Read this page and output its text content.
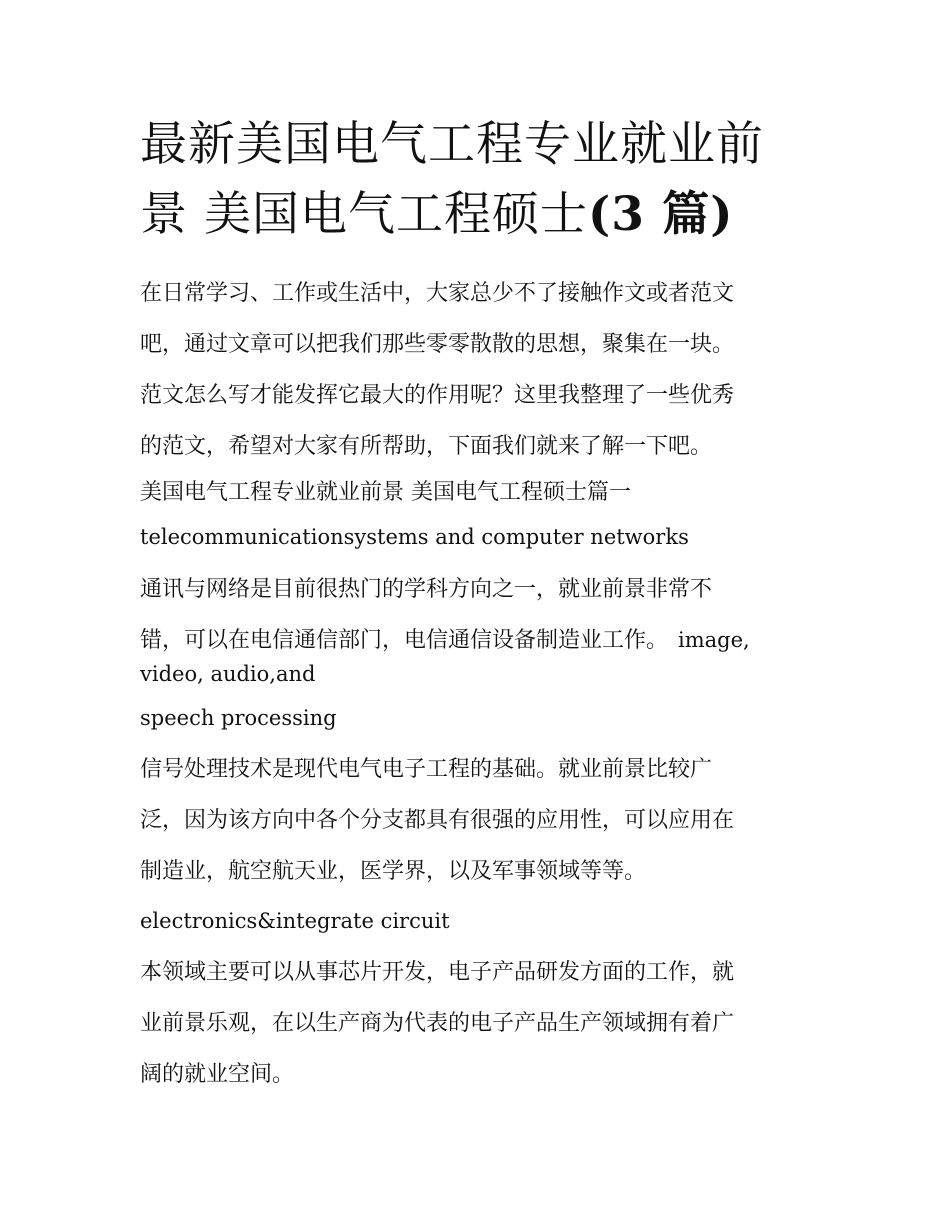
最新美国电气工程专业就业前
景 美国电气工程硕士(3 篇)

在日常学习、工作或生活中，大家总少不了接触作文或者范文

吧，通过文章可以把我们那些零零散散的思想，聚集在一块。

范文怎么写才能发挥它最大的作用呢？这里我整理了一些优秀

的范文，希望对大家有所帮助，下面我们就来了解一下吧。

美国电气工程专业就业前景 美国电气工程硕士篇一

telecommunicationsystems and computer networks

通讯与网络是目前很热门的学科方向之一，就业前景非常不

错，可以在电信通信部门，电信通信设备制造业工作。 image,

video, audio,and

speech processing

信号处理技术是现代电气电子工程的基础。就业前景比较广

泛，因为该方向中各个分支都具有很强的应用性，可以应用在

制造业，航空航天业，医学界，以及军事领域等等。

electronics&integrate circuit

本领域主要可以从事芯片开发，电子产品研发方面的工作，就

业前景乐观，在以生产商为代表的电子产品生产领域拥有着广

阔的就业空间。
